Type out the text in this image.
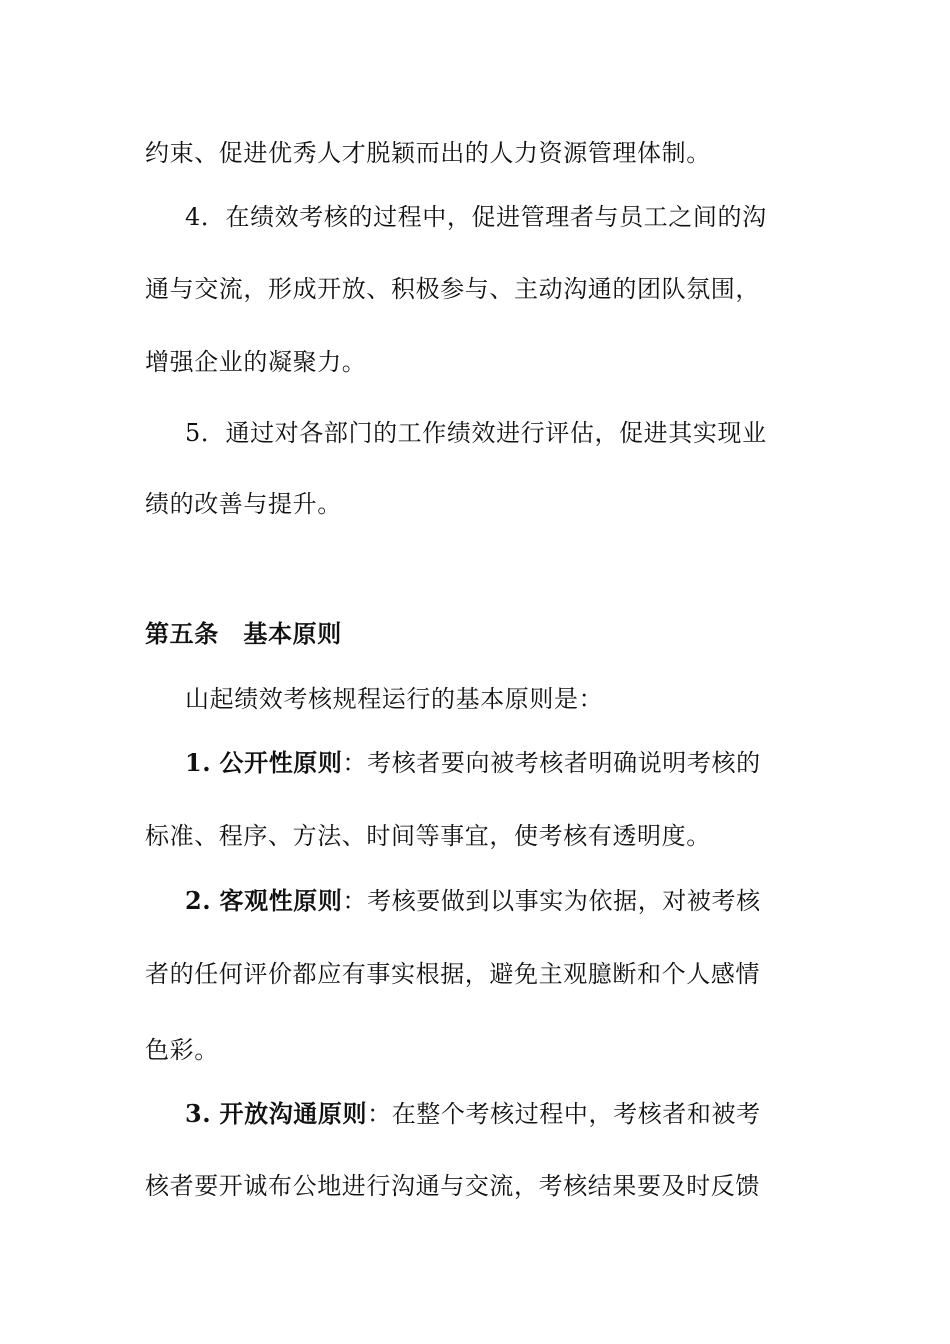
约束、促进优秀人才脱颖而出的人力资源管理体制。
4．在绩效考核的过程中，促进管理者与员工之间的沟
通与交流，形成开放、积极参与、主动沟通的团队氛围，
增强企业的凝聚力。
5．通过对各部门的工作绩效进行评估，促进其实现业
绩的改善与提升。
第五条　基本原则
山起绩效考核规程运行的基本原则是：
1. 公开性原则：考核者要向被考核者明确说明考核的
标准、程序、方法、时间等事宜，使考核有透明度。
2. 客观性原则：考核要做到以事实为依据，对被考核
者的任何评价都应有事实根据，避免主观臆断和个人感情
色彩。
3. 开放沟通原则：在整个考核过程中，考核者和被考
核者要开诚布公地进行沟通与交流，考核结果要及时反馈
